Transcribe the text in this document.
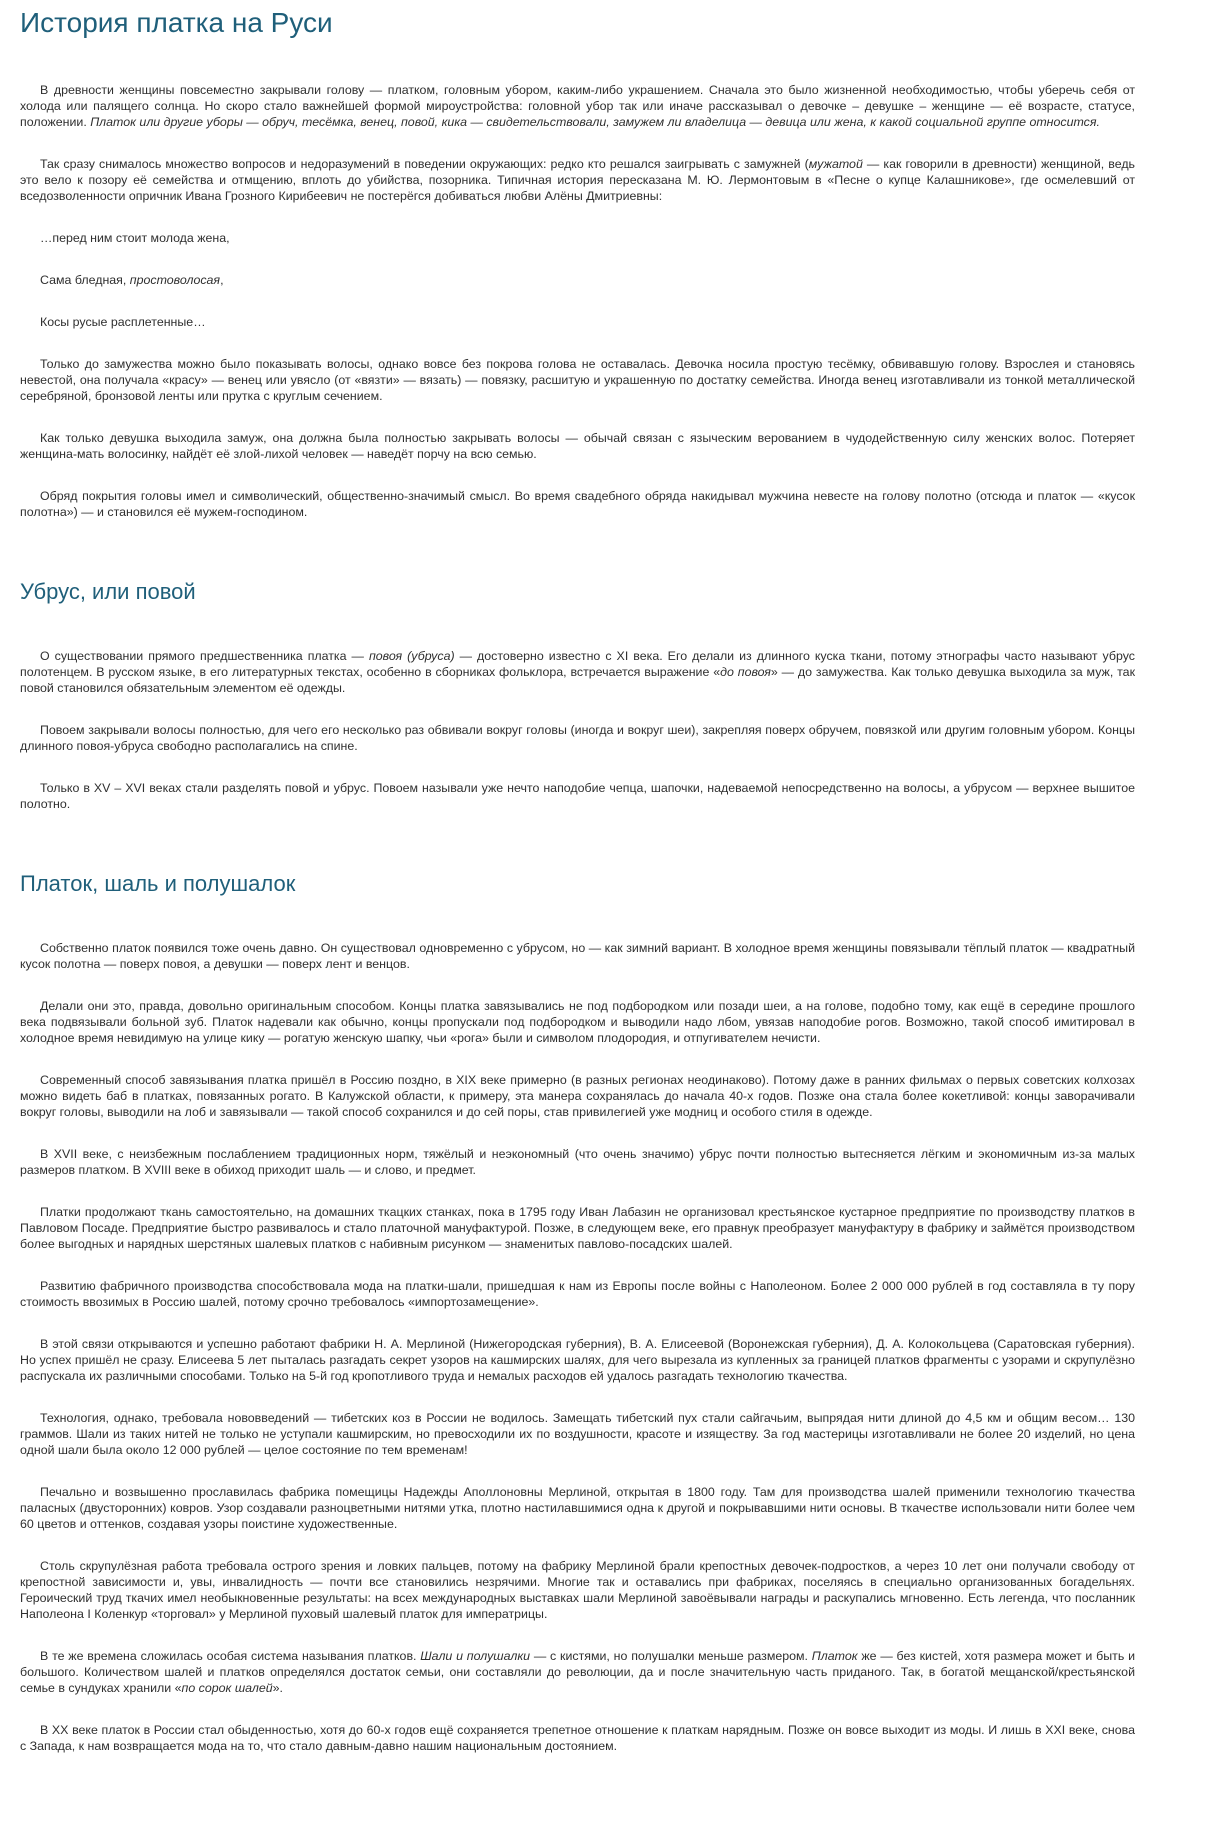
История платка на Руси

В древности женщины повсеместно закрывали голову — платком, головным убором, каким-либо украшением. Сначала это было жизненной необходимостью, чтобы уберечь себя от холода или палящего солнца. Но скоро стало важнейшей формой мироустройства: головной убор так или иначе рассказывал о девочке – девушке – женщине — её возрасте, статусе, положении. Платок или другие уборы — обруч, тесёмка, венец, повой, кика — свидетельствовали, замужем ли владелица — девица или жена, к какой социальной группе относится.

Так сразу снималось множество вопросов и недоразумений в поведении окружающих: редко кто решался заигрывать с замужней (мужатой — как говорили в древности) женщиной, ведь это вело к позору её семейства и отмщению, вплоть до убийства, позорника. Типичная история пересказана М. Ю. Лермонтовым в «Песне о купце Калашникове», где осмелевший от вседозволенности опричник Ивана Грозного Кирибеевич не постерёгся добиваться любви Алёны Дмитриевны:

…перед ним стоит молода жена,

Сама бледная, простоволосая,

Косы русые расплетенные…

Только до замужества можно было показывать волосы, однако вовсе без покрова голова не оставалась. Девочка носила простую тесёмку, обвивавшую голову. Взрослея и становясь невестой, она получала «красу» — венец или увясло (от «вязти» — вязать) — повязку, расшитую и украшенную по достатку семейства. Иногда венец изготавливали из тонкой металлической серебряной, бронзовой ленты или прутка с круглым сечением.

Как только девушка выходила замуж, она должна была полностью закрывать волосы — обычай связан с языческим верованием в чудодейственную силу женских волос. Потеряет женщина-мать волосинку, найдёт её злой-лихой человек — наведёт порчу на всю семью.

Обряд покрытия головы имел и символический, общественно-значимый смысл. Во время свадебного обряда накидывал мужчина невесте на голову полотно (отсюда и платок — «кусок полотна») — и становился её мужем-господином.

Убрус, или повой

О существовании прямого предшественника платка — повоя (убруса) — достоверно известно с XI века. Его делали из длинного куска ткани, потому этнографы часто называют убрус полотенцем. В русском языке, в его литературных текстах, особенно в сборниках фольклора, встречается выражение «до повоя» — до замужества. Как только девушка выходила за муж, так повой становился обязательным элементом её одежды.

Повоем закрывали волосы полностью, для чего его несколько раз обвивали вокруг головы (иногда и вокруг шеи), закрепляя поверх обручем, повязкой или другим головным убором. Концы длинного повоя-убруса свободно располагались на спине.

Только в XV – XVI веках стали разделять повой и убрус. Повоем называли уже нечто наподобие чепца, шапочки, надеваемой непосредственно на волосы, а убрусом — верхнее вышитое полотно.

Платок, шаль и полушалок

Собственно платок появился тоже очень давно. Он существовал одновременно с убрусом, но — как зимний вариант. В холодное время женщины повязывали тёплый платок — квадратный кусок полотна — поверх повоя, а девушки — поверх лент и венцов.

Делали они это, правда, довольно оригинальным способом. Концы платка завязывались не под подбородком или позади шеи, а на голове, подобно тому, как ещё в середине прошлого века подвязывали больной зуб. Платок надевали как обычно, концы пропускали под подбородком и выводили надо лбом, увязав наподобие рогов. Возможно, такой способ имитировал в холодное время невидимую на улице кику — рогатую женскую шапку, чьи «рога» были и символом плодородия, и отпугивателем нечисти.

Современный способ завязывания платка пришёл в Россию поздно, в XIX веке примерно (в разных регионах неодинаково). Потому даже в ранних фильмах о первых советских колхозах можно видеть баб в платках, повязанных рогато. В Калужской области, к примеру, эта манера сохранялась до начала 40-х годов. Позже она стала более кокетливой: концы заворачивали вокруг головы, выводили на лоб и завязывали — такой способ сохранился и до сей поры, став привилегией уже модниц и особого стиля в одежде.

В XVII веке, с неизбежным послаблением традиционных норм, тяжёлый и неэкономный (что очень значимо) убрус почти полностью вытесняется лёгким и экономичным из-за малых размеров платком. В XVIII веке в обиход приходит шаль — и слово, и предмет.

Платки продолжают ткань самостоятельно, на домашних ткацких станках, пока в 1795 году Иван Лабазин не организовал крестьянское кустарное предприятие по производству платков в Павловом Посаде. Предприятие быстро развивалось и стало платочной мануфактурой. Позже, в следующем веке, его правнук преобразует мануфактуру в фабрику и займётся производством более выгодных и нарядных шерстяных шалевых платков с набивным рисунком — знаменитых павлово-посадских шалей.

Развитию фабричного производства способствовала мода на платки-шали, пришедшая к нам из Европы после войны с Наполеоном. Более 2 000 000 рублей в год составляла в ту пору стоимость ввозимых в Россию шалей, потому срочно требовалось «импортозамещение».

В этой связи открываются и успешно работают фабрики Н. А. Мерлиной (Нижегородская губерния), В. А. Елисеевой (Воронежская губерния), Д. А. Колокольцева (Саратовская губерния). Но успех пришёл не сразу. Елисеева 5 лет пыталась разгадать секрет узоров на кашмирских шалях, для чего вырезала из купленных за границей платков фрагменты с узорами и скрупулёзно распускала их различными способами. Только на 5-й год кропотливого труда и немалых расходов ей удалось разгадать технологию ткачества.

Технология, однако, требовала нововведений — тибетских коз в России не водилось. Замещать тибетский пух стали сайгачьим, выпрядая нити длиной до 4,5 км и общим весом… 130 граммов. Шали из таких нитей не только не уступали кашмирским, но превосходили их по воздушности, красоте и изяществу. За год мастерицы изготавливали не более 20 изделий, но цена одной шали была около 12 000 рублей — целое состояние по тем временам!

Печально и возвышенно прославилась фабрика помещицы Надежды Аполлоновны Мерлиной, открытая в 1800 году. Там для производства шалей применили технологию ткачества паласных (двусторонних) ковров. Узор создавали разноцветными нитями утка, плотно настилавшимися одна к другой и покрывавшими нити основы. В ткачестве использовали нити более чем 60 цветов и оттенков, создавая узоры поистине художественные.

Столь скрупулёзная работа требовала острого зрения и ловких пальцев, потому на фабрику Мерлиной брали крепостных девочек-подростков, а через 10 лет они получали свободу от крепостной зависимости и, увы, инвалидность — почти все становились незрячими. Многие так и оставались при фабриках, поселяясь в специально организованных богадельнях. Героический труд ткачих имел необыкновенные результаты: на всех международных выставках шали Мерлиной завоёвывали награды и раскупались мгновенно. Есть легенда, что посланник Наполеона I Коленкур «торговал» у Мерлиной пуховый шалевый платок для императрицы.

В те же времена сложилась особая система называния платков. Шали и полушалки — с кистями, но полушалки меньше размером. Платок же — без кистей, хотя размера может и быть и большого. Количеством шалей и платков определялся достаток семьи, они составляли до революции, да и после значительную часть приданого. Так, в богатой мещанской/крестьянской семье в сундуках хранили «по сорок шалей».

В XX веке платок в России стал обыденностью, хотя до 60-х годов ещё сохраняется трепетное отношение к платкам нарядным. Позже он вовсе выходит из моды. И лишь в XXI веке, снова с Запада, к нам возвращается мода на то, что стало давным-давно нашим национальным достоянием.
